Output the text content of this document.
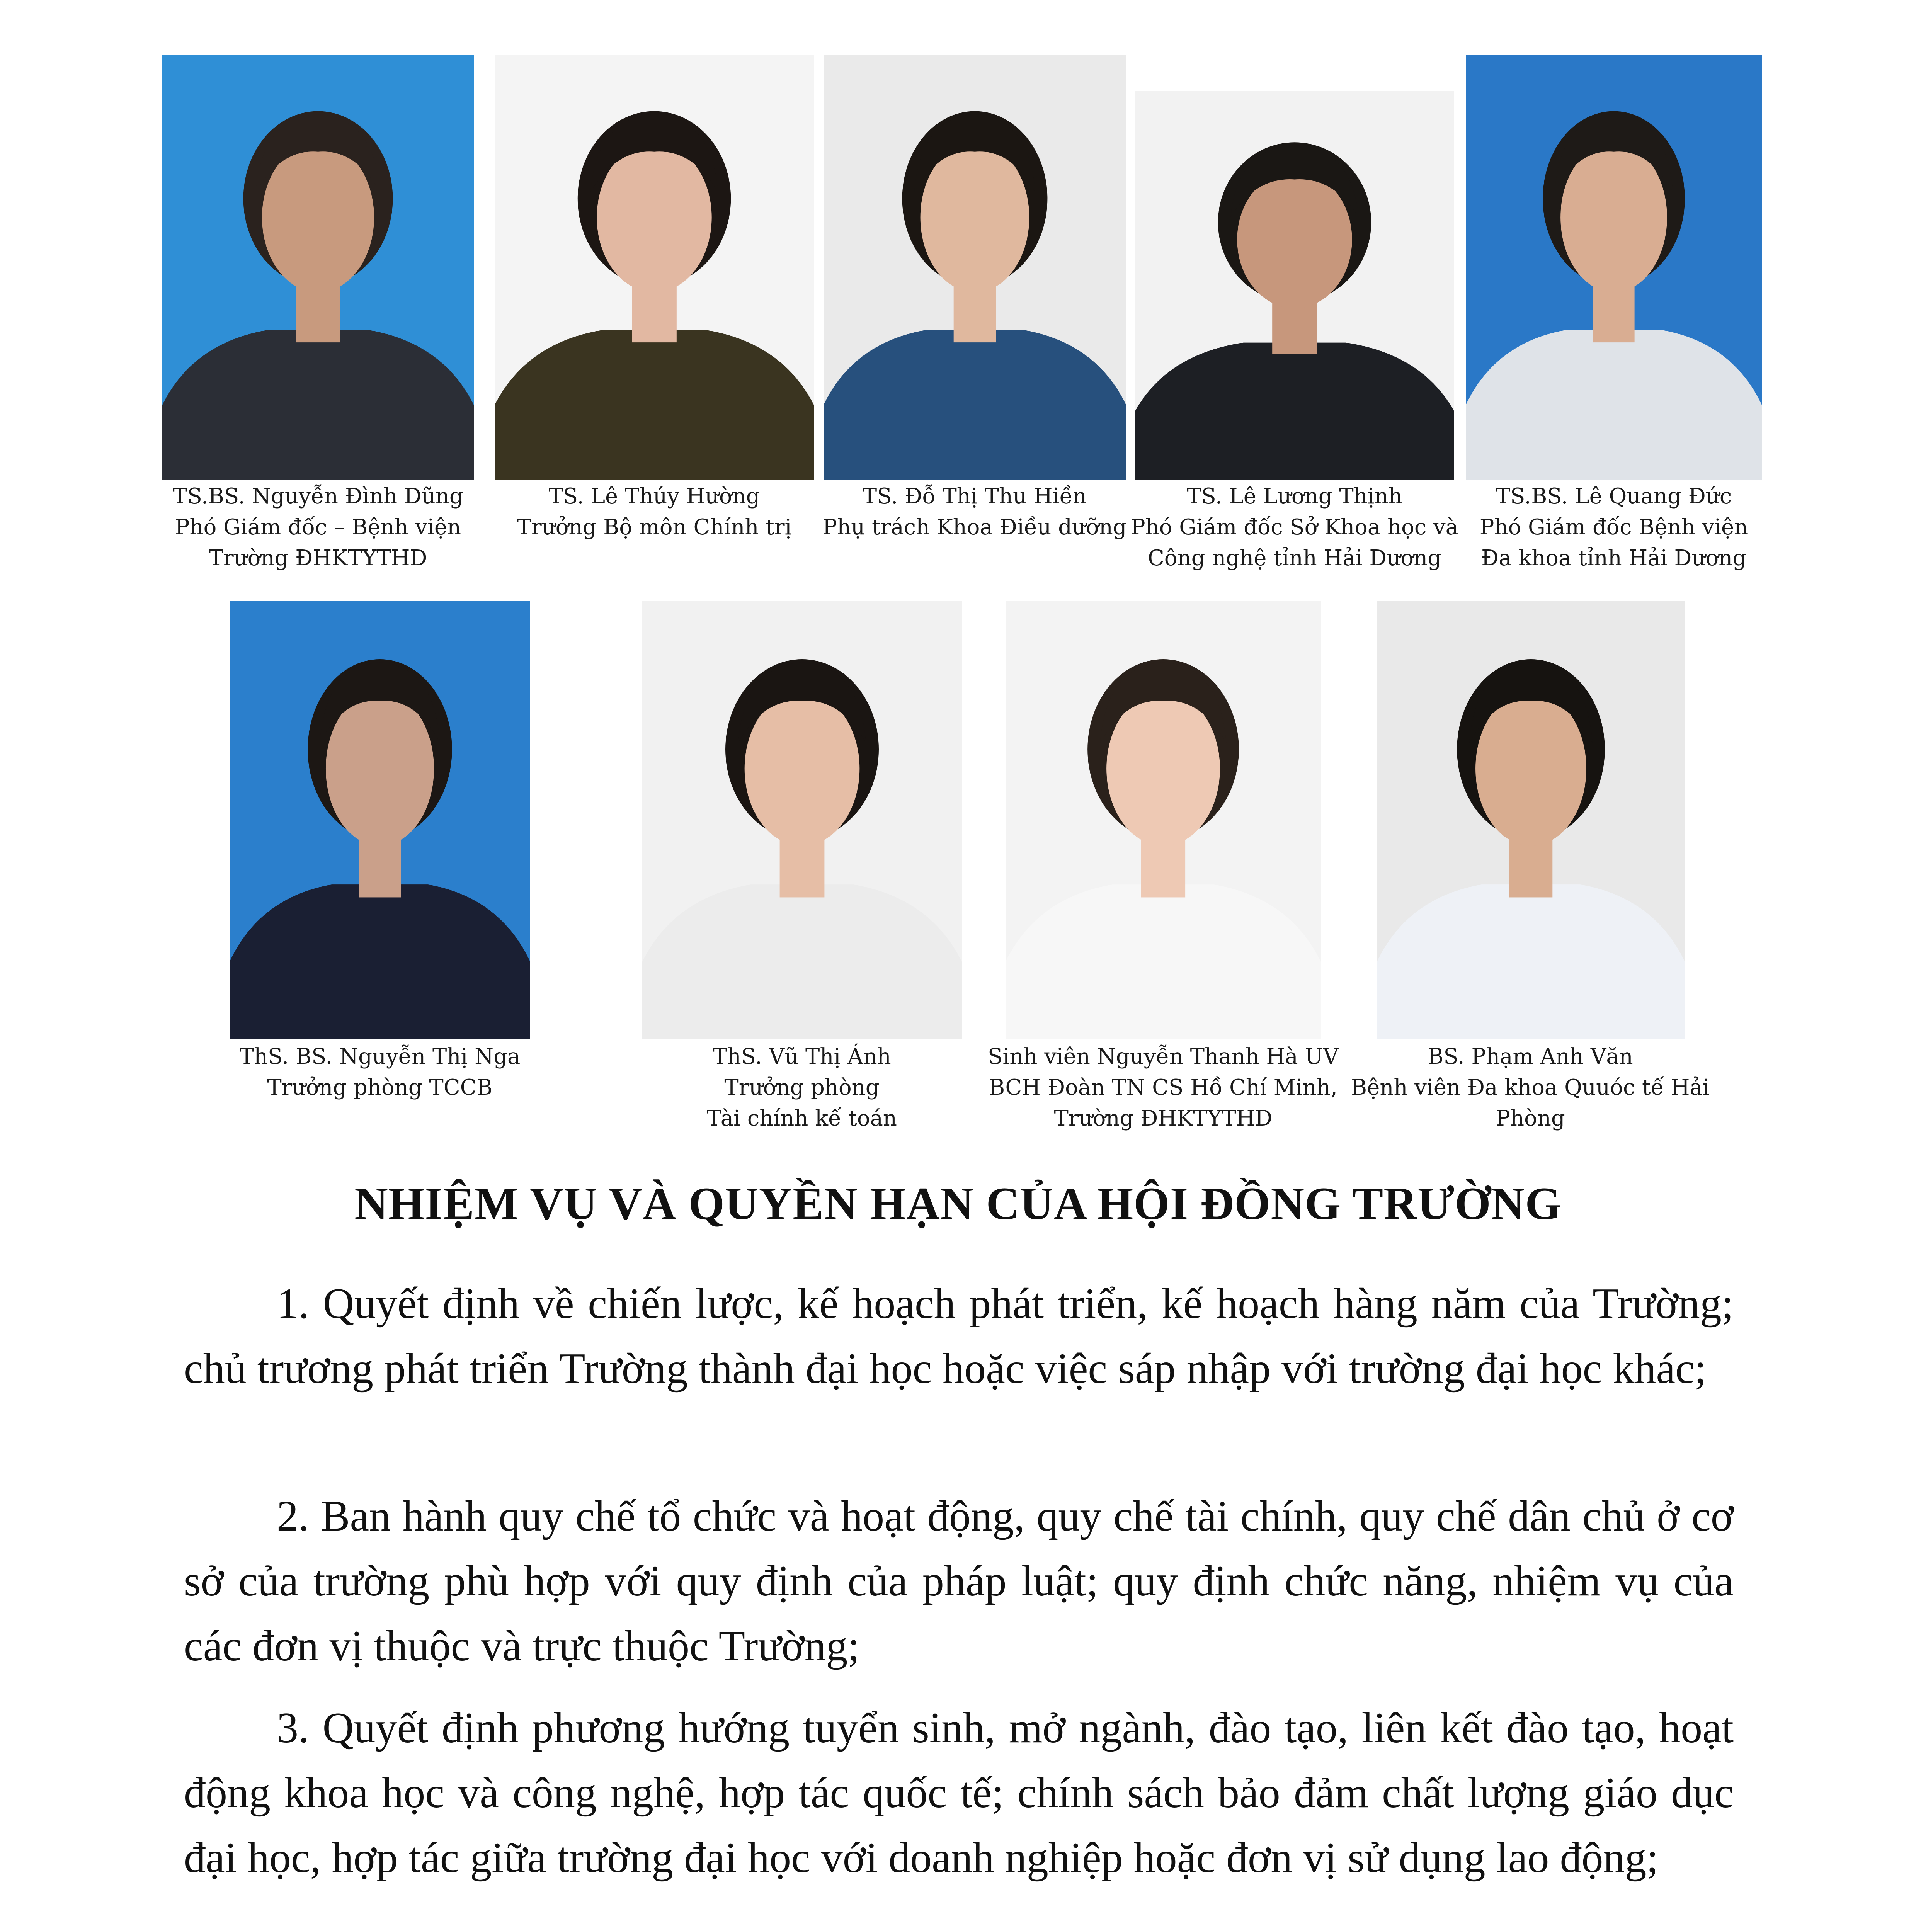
TS.BS. Nguyễn Đình Dũng
Phó Giám đốc – Bệnh viện
Trường ĐHKTYTHD
TS. Lê Thúy Hường
Trưởng Bộ môn Chính trị
TS. Đỗ Thị Thu Hiền
Phụ trách Khoa Điều dưỡng
TS. Lê Lương Thịnh
Phó Giám đốc Sở Khoa học và
Công nghệ tỉnh Hải Dương
TS.BS. Lê Quang Đức
Phó Giám đốc Bệnh viện
Đa khoa tỉnh Hải Dương
ThS. BS. Nguyễn Thị Nga
Trưởng phòng TCCB
ThS. Vũ Thị Ánh
Trưởng phòng
Tài chính kế toán
Sinh viên Nguyễn Thanh Hà UV
BCH Đoàn TN CS Hồ Chí Minh,
Trường ĐHKTYTHD
BS. Phạm Anh Văn
Bệnh viên Đa khoa Quuóc tế Hải
Phòng
NHIỆM VỤ VÀ QUYỀN HẠN CỦA HỘI ĐỒNG TRƯỜNG
1. Quyết định về chiến lược, kế hoạch phát triển, kế hoạch hàng năm của Trường; chủ trương phát triển Trường thành đại học hoặc việc sáp nhập với trường đại học khác;
2. Ban hành quy chế tổ chức và hoạt động, quy chế tài chính, quy chế dân chủ ở cơ sở của trường phù hợp với quy định của pháp luật; quy định chức năng, nhiệm vụ của các đơn vị thuộc và trực thuộc Trường;
3. Quyết định phương hướng tuyển sinh, mở ngành, đào tạo, liên kết đào tạo, hoạt động khoa học và công nghệ, hợp tác quốc tế; chính sách bảo đảm chất lượng giáo dục đại học, hợp tác giữa trường đại học với doanh nghiệp hoặc đơn vị sử dụng lao động;
